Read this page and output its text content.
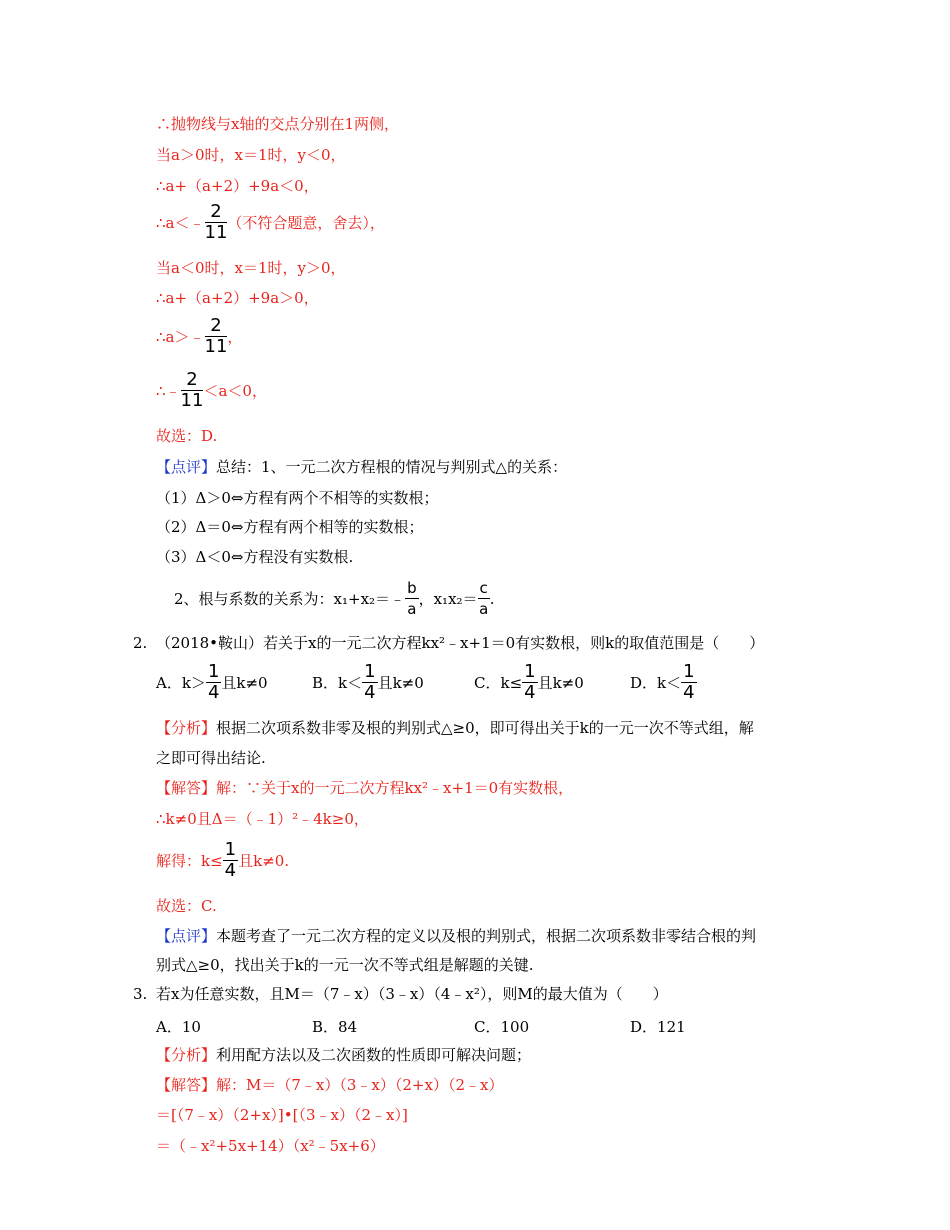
∴抛物线与x轴的交点分别在1两侧，
当a＞0时，x＝1时，y＜0，
∴a+（a+2）+9a＜0，
∴a＜﹣ $\frac{2}{11}$ （不符合题意，舍去），
当a＜0时，x＝1时，y＞0，
∴a+（a+2）+9a＞0，
∴a＞﹣ $\frac{2}{11}$ ，
∴﹣ $\frac{2}{11} <a<0$，
故选：D.
【点评】总结：1、一元二次方程根的情况与判别式△的关系：
（1）Δ＞0⇔方程有两个不相等的实数根；
（2）Δ＝0⇔方程有两个相等的实数根；
（3）Δ＜0⇔方程没有实数根.
2、根与系数的关系为：x₁+x₂＝﹣ $\frac{b}{a}$ ，$x_1x_2= \frac{c}{a}$ .
2. （2018•鞍山）若关于x的一元二次方程kx²﹣x+1＝0有实数根，则k的取值范围是（　　）
A．$k> \frac{1}{4}$ 且k≠0	B．$k< \frac{1}{4}$ 且k≠0	C．$k\le \frac{1}{4}$ 且k≠0	D．$k< \frac{1}{4}$
【分析】根据二次项系数非零及根的判别式△≥0，即可得出关于k的一元一次不等式组，解
之即可得出结论.
【解答】解：∵关于x的一元二次方程kx²﹣x+1＝0有实数根，
∴k≠0且Δ＝（﹣1）²﹣4k≥0，
解得：$k\le \frac{1}{4}$ 且k≠0.
故选：C.
【点评】本题考查了一元二次方程的定义以及根的判别式，根据二次项系数非零结合根的判
别式△≥0，找出关于k的一元一次不等式组是解题的关键.
3. 若x为任意实数，且M＝（7﹣x）（3﹣x）（4﹣x²），则M的最大值为（　　）
A．10	B．84	C．100	D．121
【分析】利用配方法以及二次函数的性质即可解决问题；
【解答】解：M＝（7﹣x）（3﹣x）（2+x）（2﹣x）
＝[（7﹣x）（2+x）]•[（3﹣x）（2﹣x）]
＝（﹣x²+5x+14）（x²﹣5x+6）
